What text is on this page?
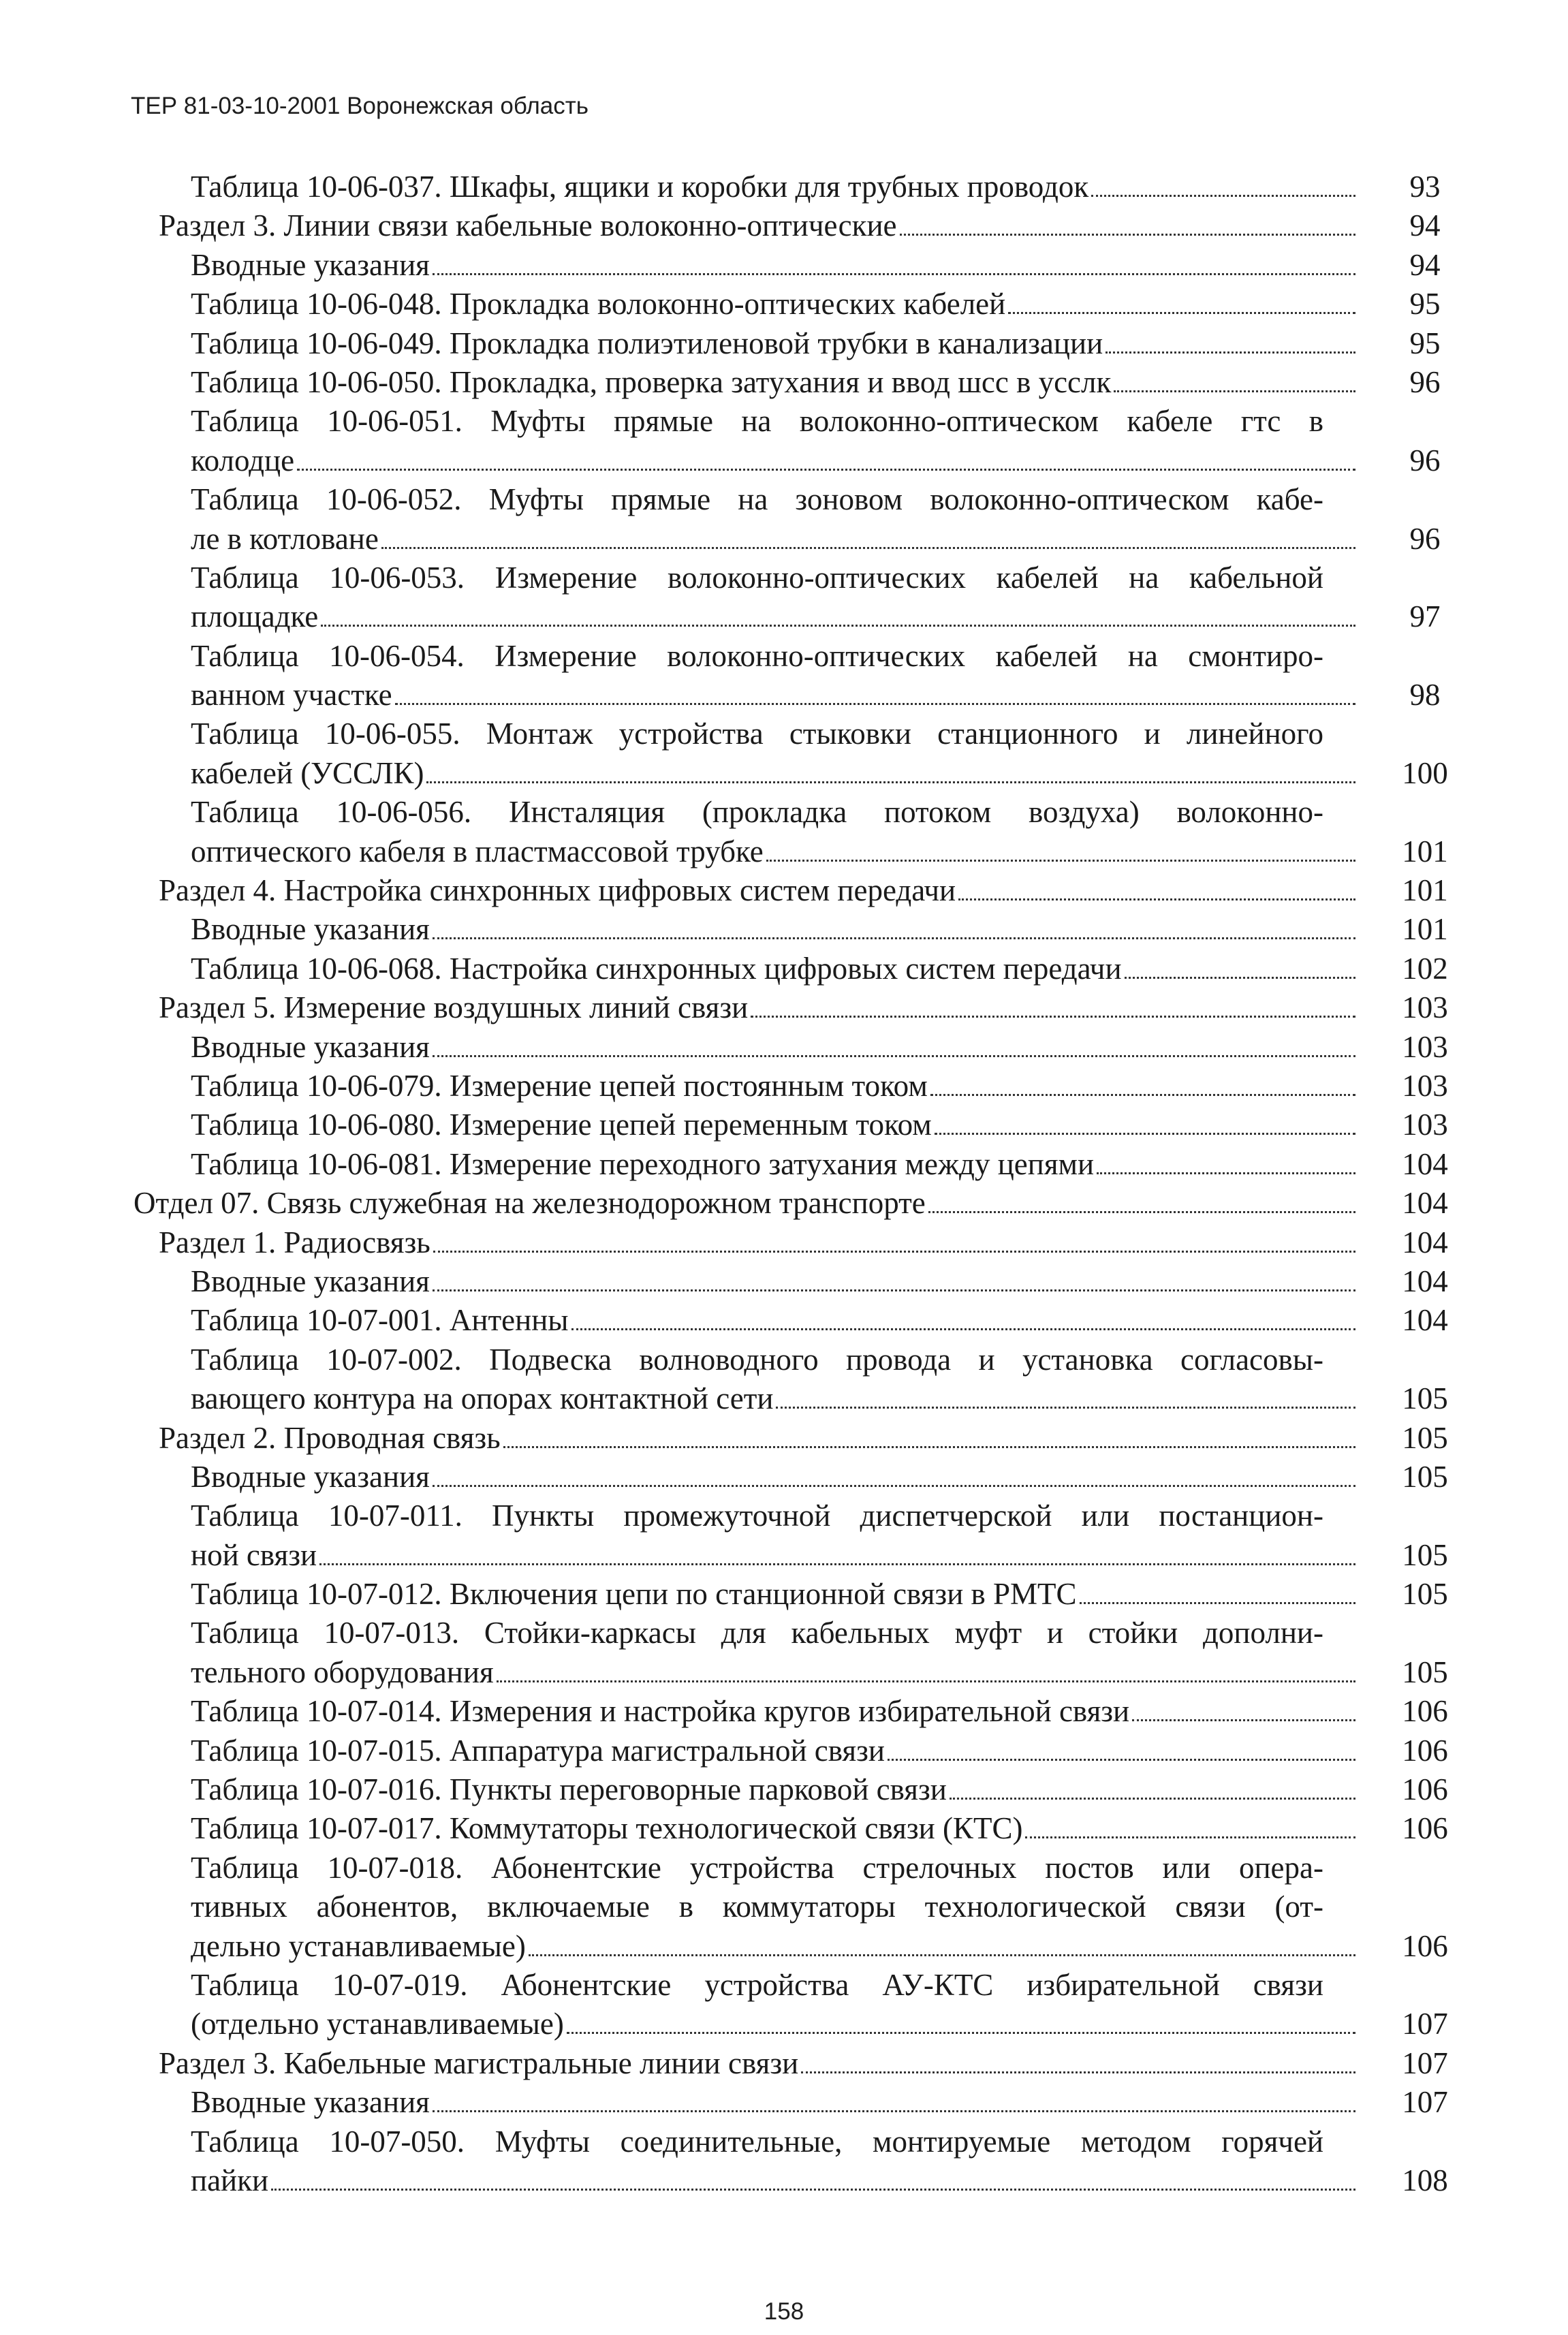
ТЕР 81-03-10-2001 Воронежская область
Таблица 10-06-037. Шкафы, ящики и коробки для трубных проводок	93
Раздел 3. Линии связи кабельные волоконно-оптические	94
Вводные указания	94
Таблица 10-06-048. Прокладка волоконно-оптических кабелей	95
Таблица 10-06-049. Прокладка полиэтиленовой трубки в канализации	95
Таблица 10-06-050. Прокладка, проверка затухания и ввод шсс в усслк	96
Таблица 10-06-051. Муфты прямые на волоконно-оптическом кабеле гтс в
колодце	96
Таблица 10-06-052. Муфты прямые на зоновом волоконно-оптическом кабе-
ле в котловане	96
Таблица 10-06-053. Измерение волоконно-оптических кабелей на кабельной
площадке	97
Таблица 10-06-054. Измерение волоконно-оптических кабелей на смонтиро-
ванном участке	98
Таблица 10-06-055. Монтаж устройства стыковки станционного и линейного
кабелей (УССЛК)	100
Таблица 10-06-056. Инсталяция (прокладка потоком воздуха) волоконно-
оптического кабеля в пластмассовой трубке	101
Раздел 4. Настройка синхронных цифровых систем передачи	101
Вводные указания	101
Таблица 10-06-068. Настройка синхронных цифровых систем передачи	102
Раздел 5. Измерение воздушных линий связи	103
Вводные указания	103
Таблица 10-06-079. Измерение цепей постоянным током	103
Таблица 10-06-080. Измерение цепей переменным током	103
Таблица 10-06-081. Измерение переходного затухания между цепями	104
Отдел 07. Связь служебная на железнодорожном транспорте	104
Раздел 1. Радиосвязь	104
Вводные указания	104
Таблица 10-07-001. Антенны	104
Таблица 10-07-002. Подвеска волноводного провода и установка согласовы-
вающего контура на опорах контактной сети	105
Раздел 2. Проводная связь	105
Вводные указания	105
Таблица 10-07-011. Пункты промежуточной диспетчерской или постанцион-
ной связи	105
Таблица 10-07-012. Включения цепи по станционной связи в РМТС	105
Таблица 10-07-013. Стойки-каркасы для кабельных муфт и стойки дополни-
тельного оборудования	105
Таблица 10-07-014. Измерения и настройка кругов избирательной связи	106
Таблица 10-07-015. Аппаратура магистральной связи	106
Таблица 10-07-016. Пункты переговорные парковой связи	106
Таблица 10-07-017. Коммутаторы технологической связи (КТС)	106
Таблица 10-07-018. Абонентские устройства стрелочных постов или опера-
тивных абонентов, включаемые в коммутаторы технологической связи (от-
дельно устанавливаемые)	106
Таблица 10-07-019. Абонентские устройства АУ-КТС избирательной связи
(отдельно устанавливаемые)	107
Раздел 3. Кабельные магистральные линии связи	107
Вводные указания	107
Таблица 10-07-050. Муфты соединительные, монтируемые методом горячей
пайки	108
158
